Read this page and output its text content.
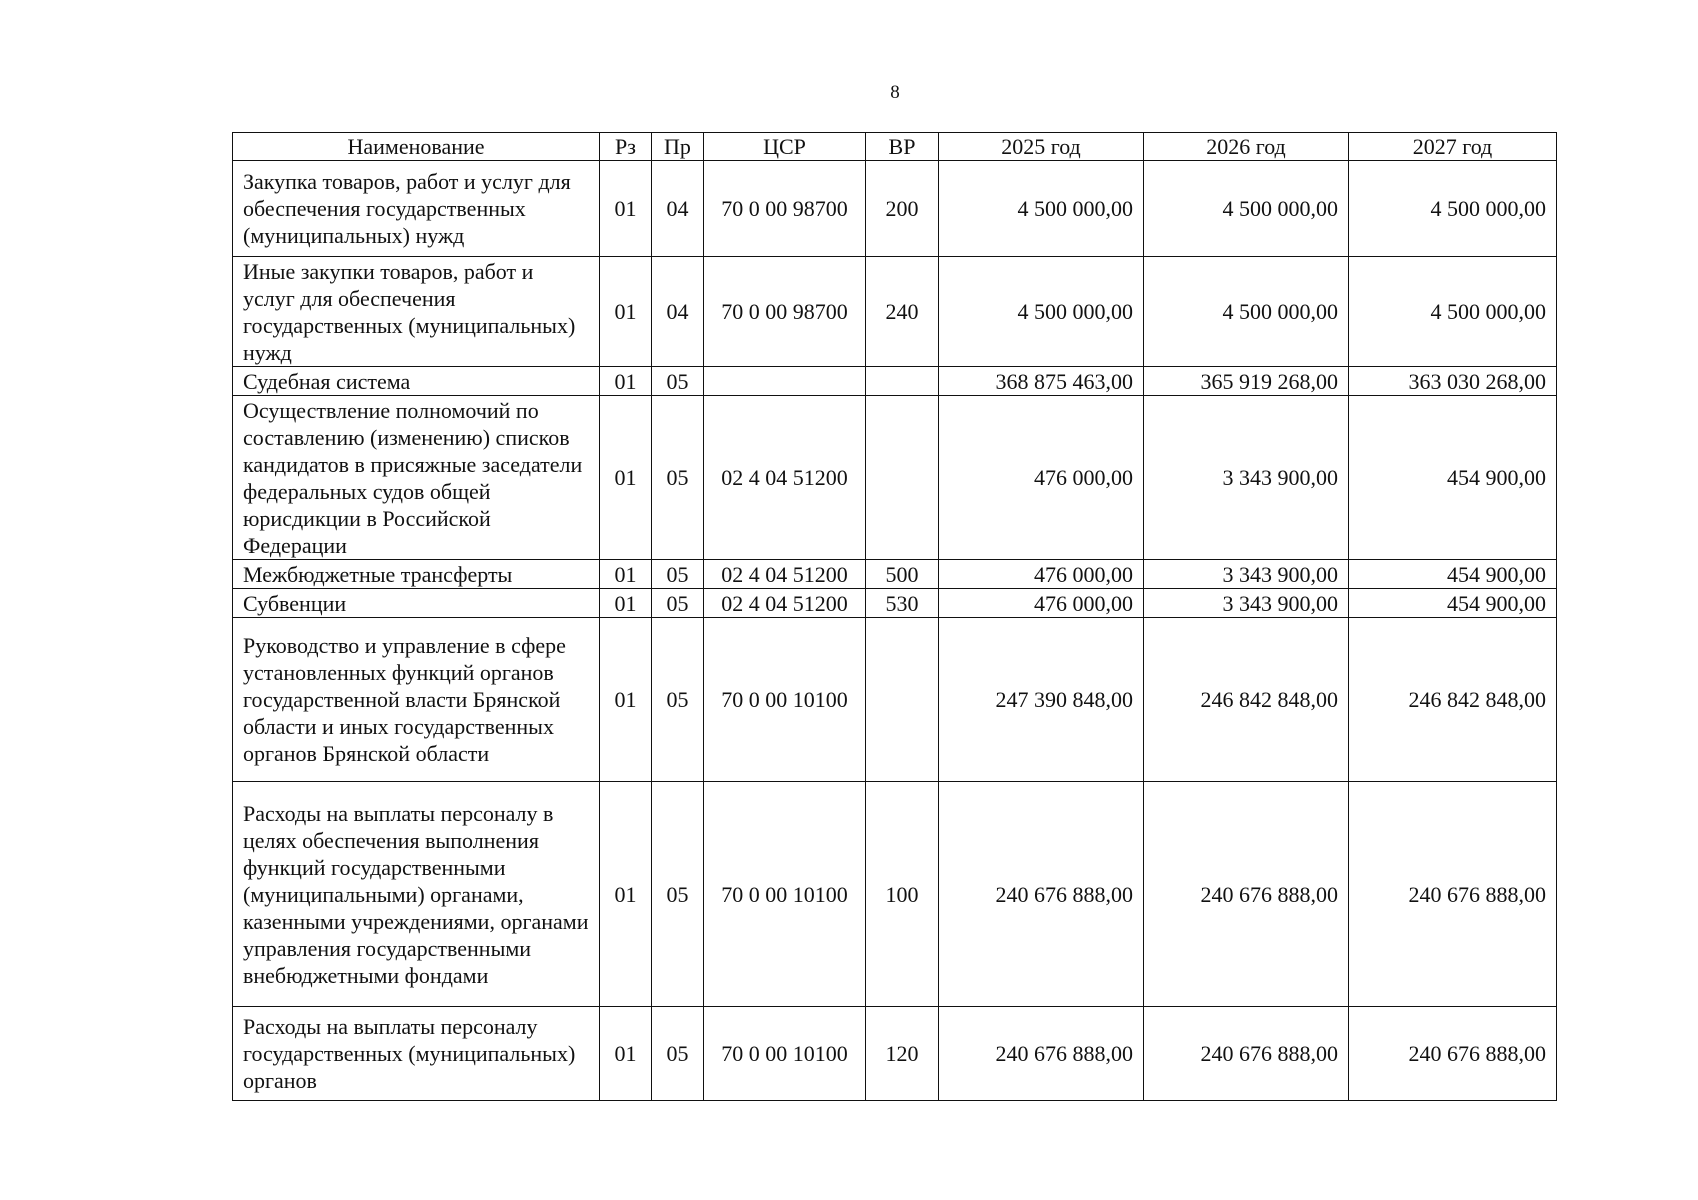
8
Наименование	Рз	Пр	ЦСР	ВР	2025 год	2026 год	2027 год
Закупка товаров, работ и услуг для обеспечения государственных (муниципальных) нужд	01	04	70 0 00 98700	200	4 500 000,00	4 500 000,00	4 500 000,00
Иные закупки товаров, работ и услуг для обеспечения государственных (муниципальных) нужд	01	04	70 0 00 98700	240	4 500 000,00	4 500 000,00	4 500 000,00
Судебная система	01	05			368 875 463,00	365 919 268,00	363 030 268,00
Осуществление полномочий по составлению (изменению) списков кандидатов в присяжные заседатели федеральных судов общей юрисдикции в Российской Федерации	01	05	02 4 04 51200		476 000,00	3 343 900,00	454 900,00
Межбюджетные трансферты	01	05	02 4 04 51200	500	476 000,00	3 343 900,00	454 900,00
Субвенции	01	05	02 4 04 51200	530	476 000,00	3 343 900,00	454 900,00
Руководство и управление в сфере установленных функций органов государственной власти Брянской области и иных государственных органов Брянской области	01	05	70 0 00 10100		247 390 848,00	246 842 848,00	246 842 848,00
Расходы на выплаты персоналу в целях обеспечения выполнения функций государственными (муниципальными) органами, казенными учреждениями, органами управления государственными внебюджетными фондами	01	05	70 0 00 10100	100	240 676 888,00	240 676 888,00	240 676 888,00
Расходы на выплаты персоналу государственных (муниципальных) органов	01	05	70 0 00 10100	120	240 676 888,00	240 676 888,00	240 676 888,00
